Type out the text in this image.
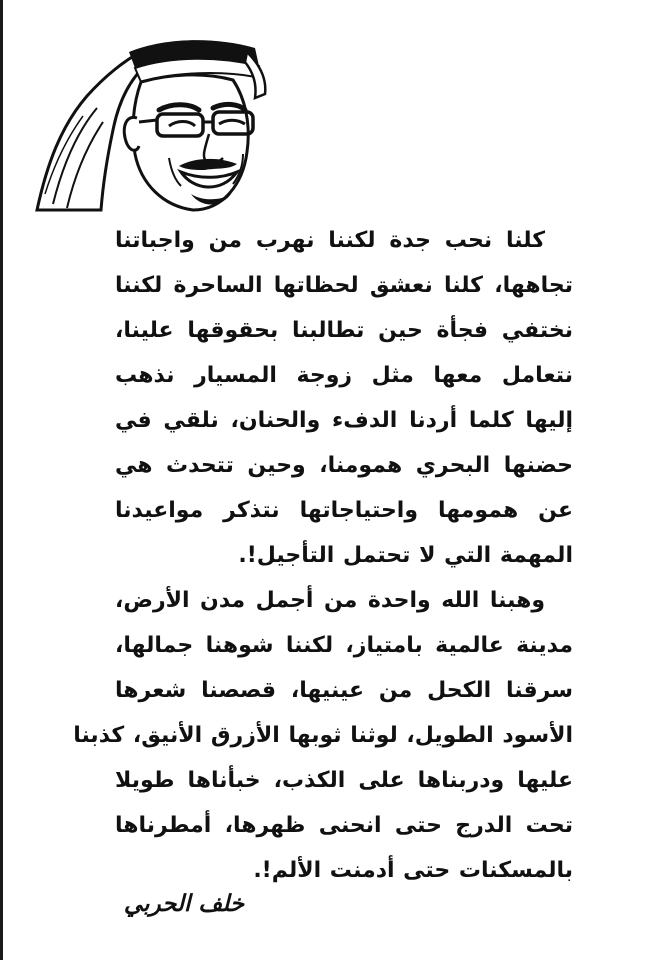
كلنا نحب جدة لكننا نهرب من واجباتنا
تجاهها، كلنا نعشق لحظاتها الساحرة لكننا
نختفي فجأة حين تطالبنا بحقوقها علينا،
نتعامل معها مثل زوجة المسيار نذهب
إليها كلما أردنا الدفء والحنان، نلقي في
حضنها البحري همومنا، وحين تتحدث هي
عن همومها واحتياجاتها نتذكر مواعيدنا
المهمة التي لا تحتمل التأجيل!.

وهبنا الله واحدة من أجمل مدن الأرض،
مدينة عالمية بامتياز، لكننا شوهنا جمالها،
سرقنا الكحل من عينيها، قصصنا شعرها
الأسود الطويل، لوثنا ثوبها الأزرق الأنيق، كذبنا
عليها ودربناها على الكذب، خبأناها طويلا
تحت الدرج حتى انحنى ظهرها، أمطرناها
بالمسكنات حتى أدمنت الألم!.

خلف الحربي
